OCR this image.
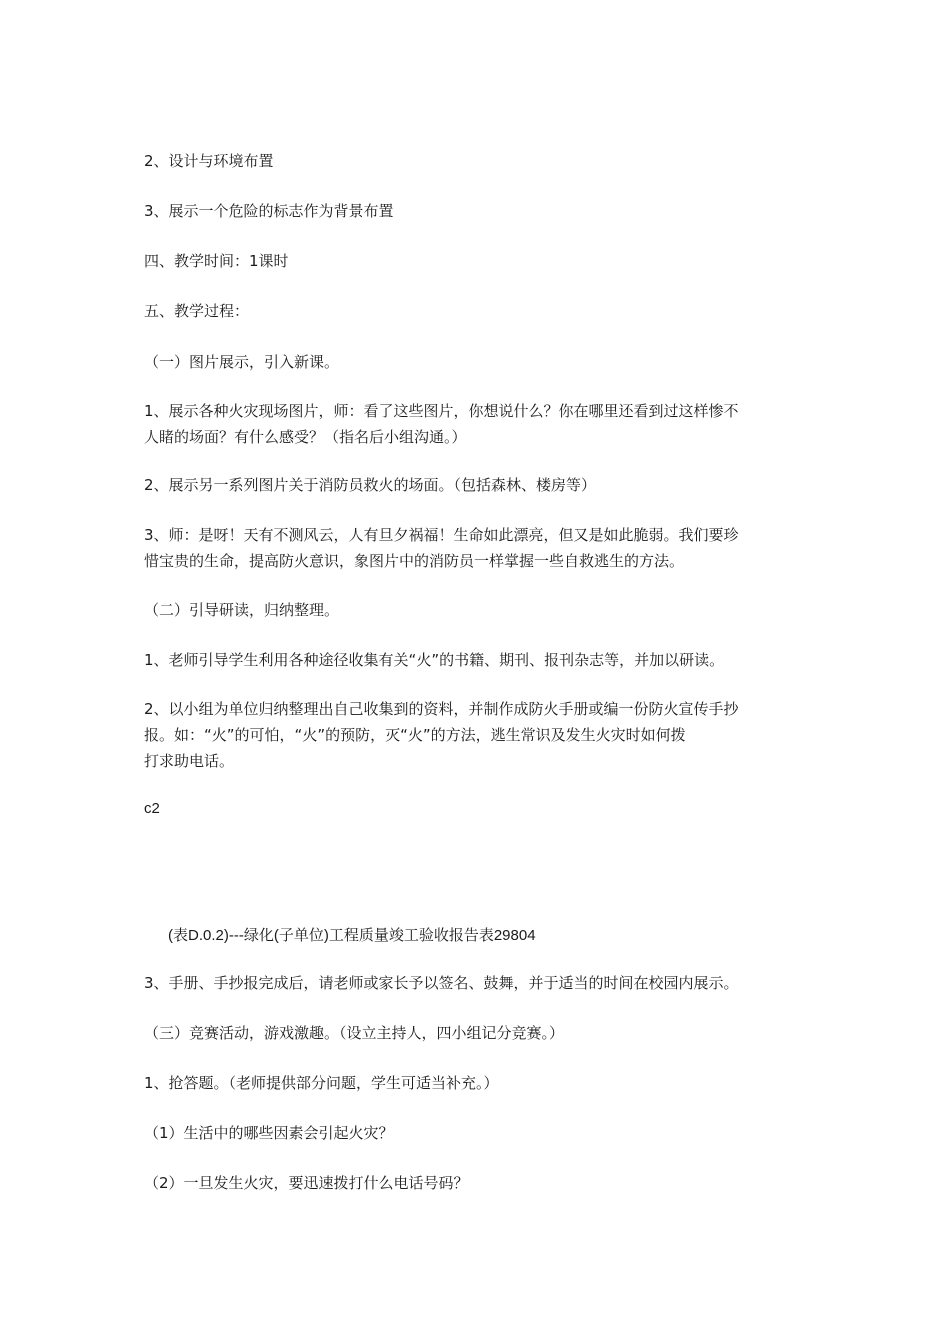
2、设计与环境布置
3、展示一个危险的标志作为背景布置
四、教学时间：1课时
五、教学过程：
（一）图片展示，引入新课。
1、展示各种火灾现场图片，师：看了这些图片，你想说什么？你在哪里还看到过这样惨不
人睹的场面？有什么感受？（指名后小组沟通。）
2、展示另一系列图片关于消防员救火的场面。（包括森林、楼房等）
3、师：是呀！天有不测风云，人有旦夕祸福！生命如此漂亮，但又是如此脆弱。我们要珍
惜宝贵的生命，提高防火意识，象图片中的消防员一样掌握一些自救逃生的方法。
（二）引导研读，归纳整理。
1、老师引导学生利用各种途径收集有关“火”的书籍、期刊、报刊杂志等，并加以研读。
2、以小组为单位归纳整理出自己收集到的资料，并制作成防火手册或编一份防火宣传手抄
报。如：“火”的可怕，“火”的预防，灭“火”的方法，逃生常识及发生火灾时如何拨
打求助电话。
c2
(表D.0.2)---绿化(子单位)工程质量竣工验收报告表29804
3、手册、手抄报完成后，请老师或家长予以签名、鼓舞，并于适当的时间在校园内展示。
（三）竞赛活动，游戏激趣。（设立主持人，四小组记分竞赛。）
1、抢答题。（老师提供部分问题，学生可适当补充。）
（1）生活中的哪些因素会引起火灾？
（2）一旦发生火灾，要迅速拨打什么电话号码？
